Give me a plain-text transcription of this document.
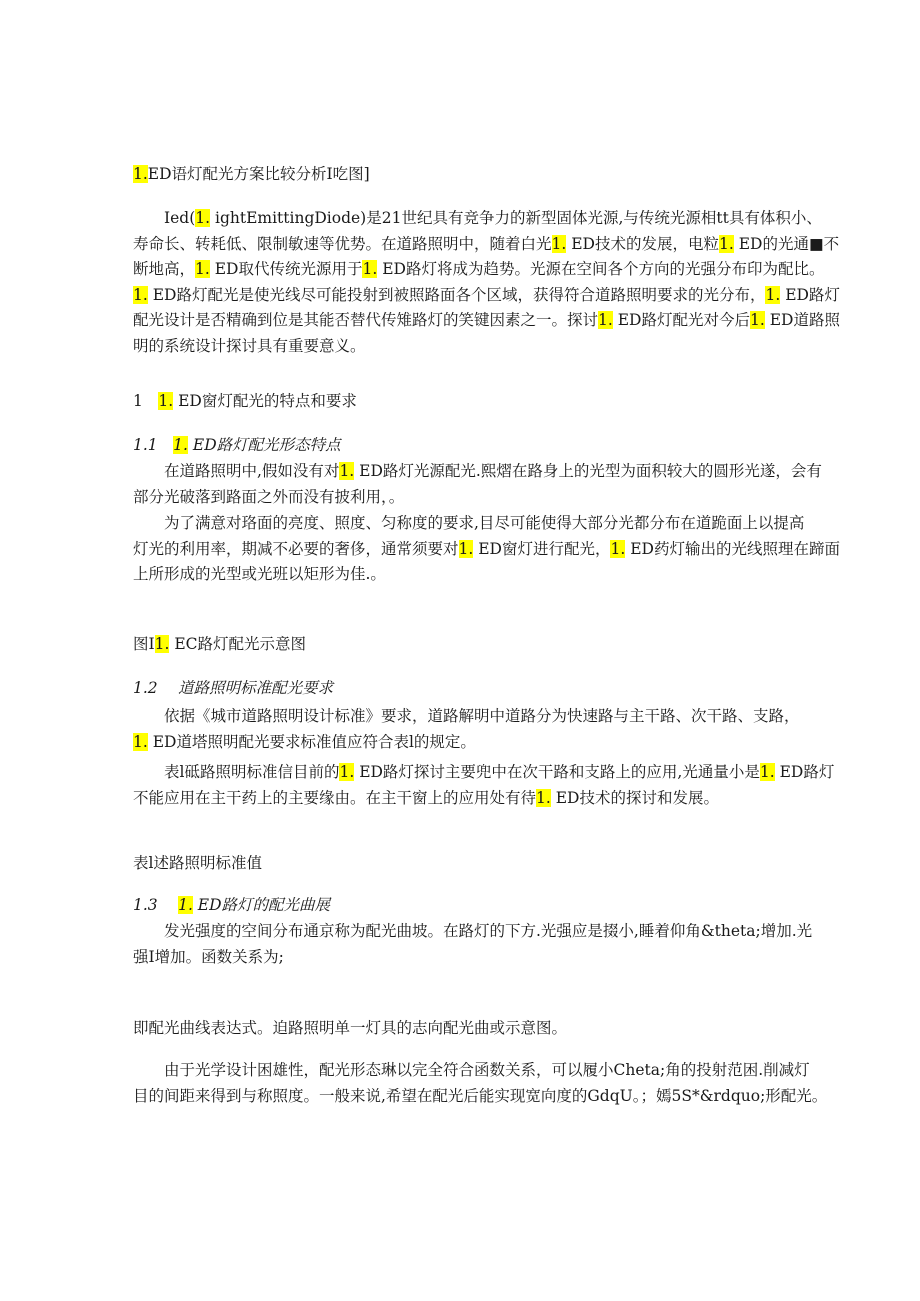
1.ED语灯配光方案比较分析I吃图]

Ied(1. ightEmittingDiode)是21世纪具有竞争力的新型固体光源,与传统光源相tt具有体积小、
寿命长、转耗低、限制敏速等优势。在道路照明中，随着白光1. ED技术的发展，电粒1. ED的光通■不
断地高，1. ED取代传统光源用于1. ED路灯将成为趋势。光源在空间各个方向的光强分布印为配比。
1. ED路灯配光是使光线尽可能投射到被照路面各个区域，获得符合道路照明要求的光分布，1. ED路灯
配光设计是否精确到位是其能否替代传雉路灯的笑键因素之一。探讨1. ED路灯配光对今后1. ED道路照
明的系统设计探讨具有重要意义。

1 1. ED窗灯配光的特点和要求

1.1 1. ED路灯配光形态特点

在道路照明中,假如没有对1. ED路灯光源配光.熙熠在路身上的光型为面积较大的圆形光遂，会有
部分光破落到路面之外而没有披利用，。

为了满意对珞面的亮度、照度、匀称度的要求,目尽可能使得大部分光都分布在道跪面上以提高
灯光的利用率，期减不必要的奢侈，通常须要对1. ED窗灯进行配光，1. ED药灯输出的光线照理在蹄面
上所形成的光型或光班以矩形为佳.。

图I1. EC路灯配光示意图

1.2  道路照明标准配光要求

依据《城市道路照明设计标准》要求，道路解明中道路分为快速路与主干路、次干路、支路，
1. ED道塔照明配光要求标准值应符合表l的规定。

表l砥路照明标准信目前的1. ED路灯探讨主要兜中在次干路和支路上的应用,光通量小是1. ED路灯
不能应用在主干药上的主要缘由。在主干窗上的应用处有待1. ED技术的探讨和发展。

表l述路照明标准值

1.3  1. ED路灯的配光曲展

发光强度的空间分布通京称为配光曲坡。在路灯的下方.光强应是掇小,睡着仰角&theta;增加.光
强I增加。函数关系为;

即配光曲线表达式。迫路照明单一灯具的志向配光曲或示意图。

由于光学设计困雄性，配光形态琳以完全符合函数关系，可以履小Cheta;角的投射范困.削减灯
目的间距来得到与称照度。一般来说,希望在配光后能实现宽向度的GdqU。；嫣5S*&rdquo;形配光。
